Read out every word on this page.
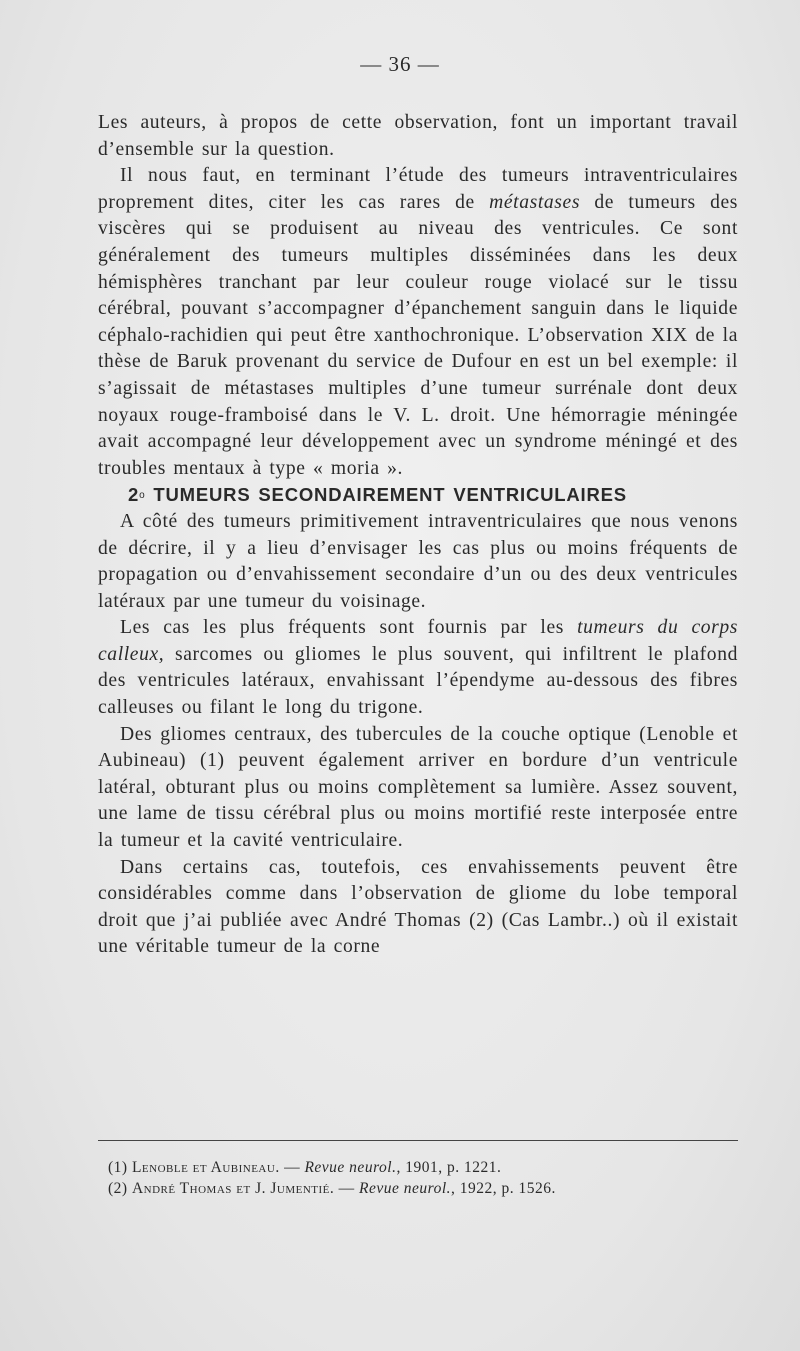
— 36 —

Les auteurs, à propos de cette observation, font un important travail d’ensemble sur la question.

Il nous faut, en terminant l’étude des tumeurs intraventriculaires proprement dites, citer les cas rares de métastases de tumeurs des viscères qui se produisent au niveau des ventricules. Ce sont généralement des tumeurs multiples disséminées dans les deux hémisphères tranchant par leur couleur rouge violacé sur le tissu cérébral, pouvant s’accompagner d’épanchement sanguin dans le liquide céphalo-rachidien qui peut être xanthochronique. L’observation XIX de la thèse de Baruk provenant du service de Dufour en est un bel exemple: il s’agissait de métastases multiples d’une tumeur surrénale dont deux noyaux rouge-framboisé dans le V. L. droit. Une hémorragie méningée avait accompagné leur développement avec un syndrome méningé et des troubles mentaux à type « moria ».

2$^o$ TUMEURS SECONDAIREMENT VENTRICULAIRES

A côté des tumeurs primitivement intraventriculaires que nous venons de décrire, il y a lieu d’envisager les cas plus ou moins fréquents de propagation ou d’envahissement secondaire d’un ou des deux ventricules latéraux par une tumeur du voisinage.

Les cas les plus fréquents sont fournis par les tumeurs du corps calleux, sarcomes ou gliomes le plus souvent, qui infiltrent le plafond des ventricules latéraux, envahissant l’épendyme au-dessous des fibres calleuses ou filant le long du trigone.

Des gliomes centraux, des tubercules de la couche optique (Lenoble et Aubineau) (1) peuvent également arriver en bordure d’un ventricule latéral, obturant plus ou moins complètement sa lumière. Assez souvent, une lame de tissu cérébral plus ou moins mortifié reste interposée entre la tumeur et la cavité ventriculaire.

Dans certains cas, toutefois, ces envahissements peuvent être considérables comme dans l’observation de gliome du lobe temporal droit que j’ai publiée avec André Thomas (2) (Cas Lambr..) où il existait une véritable tumeur de la corne

(1) Lenoble et Aubineau. — Revue neurol., 1901, p. 1221.
(2) André Thomas et J. Jumentié. — Revue neurol., 1922, p. 1526.
